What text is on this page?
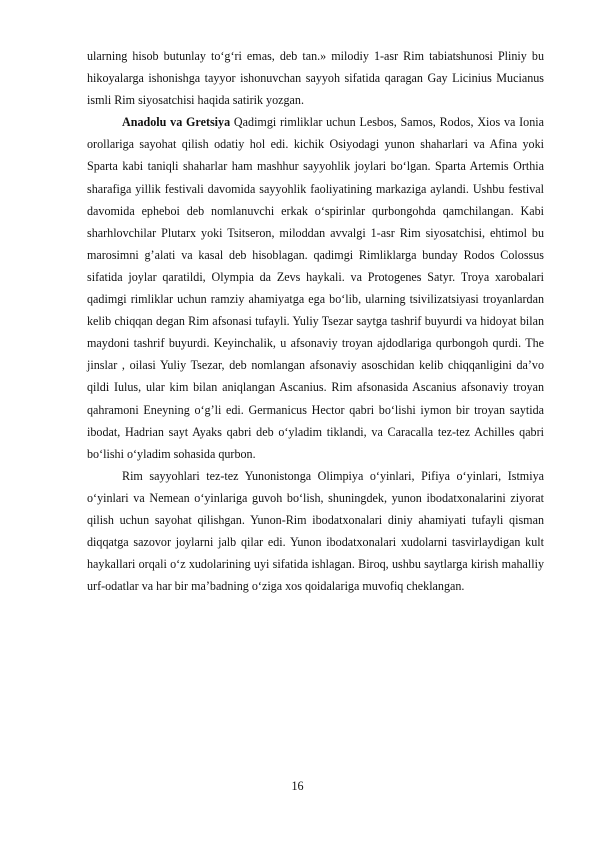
ularning hisob butunlay to‘g‘ri emas, deb tan.» milodiy 1-asr Rim tabiatshunosi Pliniy bu hikoyalarga ishonishga tayyor ishonuvchan sayyoh sifatida qaragan Gay Licinius Mucianus ismli Rim siyosatchisi haqida satirik yozgan.

Anadolu va Gretsiya Qadimgi rimliklar uchun Lesbos, Samos, Rodos, Xios va Ionia orollariga sayohat qilish odatiy hol edi. kichik Osiyodagi yunon shaharlari va Afina yoki Sparta kabi taniqli shaharlar ham mashhur sayyohlik joylari bo‘lgan. Sparta Artemis Orthia sharafiga yillik festivali davomida sayyohlik faoliyatining markaziga aylandi. Ushbu festival davomida epheboi deb nomlanuvchi erkak o‘spirinlar qurbongohda qamchilangan. Kabi sharhlovchilar Plutarx yoki Tsitseron, miloddan avvalgi 1-asr Rim siyosatchisi, ehtimol bu marosimni g’alati va kasal deb hisoblagan. qadimgi Rimliklarga bunday Rodos Colossus sifatida joylar qaratildi, Olympia da Zevs haykali. va Protogenes Satyr. Troya xarobalari qadimgi rimliklar uchun ramziy ahamiyatga ega bo‘lib, ularning tsivilizatsiyasi troyanlardan kelib chiqqan degan Rim afsonasi tufayli. Yuliy Tsezar saytga tashrif buyurdi va hidoyat bilan maydoni tashrif buyurdi. Keyinchalik, u afsonaviy troyan ajdodlariga qurbongoh qurdi. The jinslar , oilasi Yuliy Tsezar, deb nomlangan afsonaviy asoschidan kelib chiqqanligini da’vo qildi Iulus, ular kim bilan aniqlangan Ascanius. Rim afsonasida Ascanius afsonaviy troyan qahramoni Eneyning o‘g’li edi. Germanicus Hector qabri bo‘lishi iymon bir troyan saytida ibodat, Hadrian sayt Ayaks qabri deb o‘yladim tiklandi, va Caracalla tez-tez Achilles qabri bo‘lishi o‘yladim sohasida qurbon.

Rim sayyohlari tez-tez Yunonistonga Olimpiya o‘yinlari, Pifiya o‘yinlari, Istmiya o‘yinlari va Nemean o‘yinlariga guvoh bo‘lish, shuningdek, yunon ibodatxonalarini ziyorat qilish uchun sayohat qilishgan. Yunon-Rim ibodatxonalari diniy ahamiyati tufayli qisman diqqatga sazovor joylarni jalb qilar edi. Yunon ibodatxonalari xudolarni tasvirlaydigan kult haykallari orqali o‘z xudolarining uyi sifatida ishlagan. Biroq, ushbu saytlarga kirish mahalliy urf-odatlar va har bir ma’badning o‘ziga xos qoidalariga muvofiq cheklangan.

16
